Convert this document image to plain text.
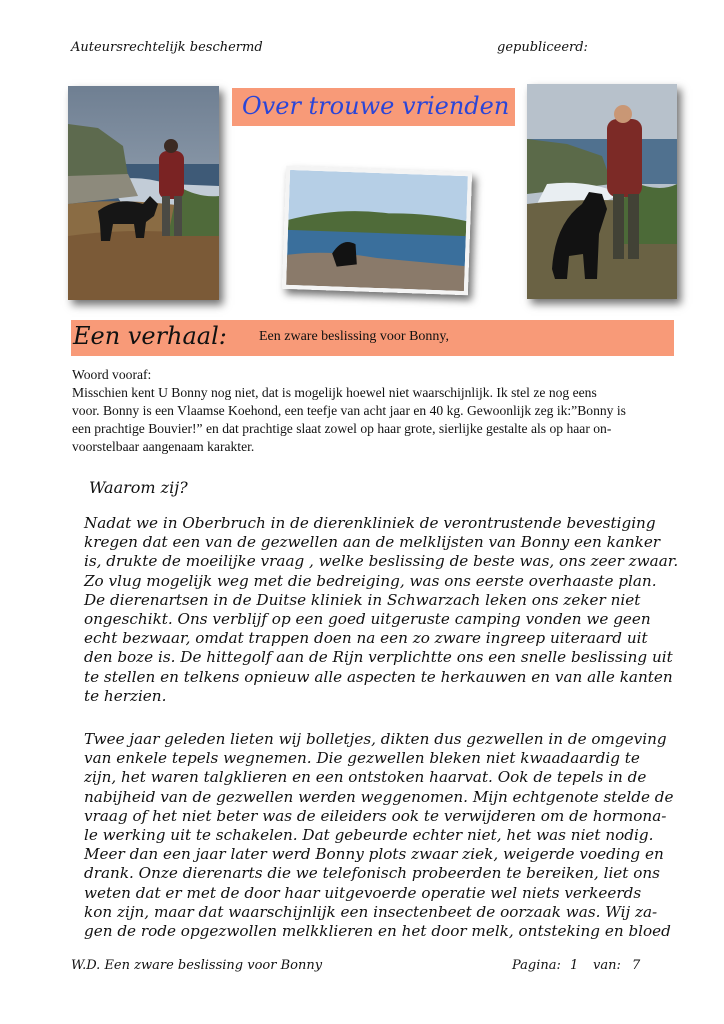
Auteursrechtelijk beschermd	gepubliceerd:
Over trouwe vrienden
Een verhaal: Een zware beslissing voor Bonny,
Woord vooraf:
Misschien kent U Bonny nog niet, dat is mogelijk hoewel niet waarschijnlijk. Ik stel ze nog eens
voor. Bonny is een Vlaamse Koehond, een teefje van acht jaar en 40 kg. Gewoonlijk zeg ik:”Bonny is
een prachtige Bouvier!” en dat prachtige slaat zowel op haar grote, sierlijke gestalte als op haar on-
voorstelbaar aangenaam karakter.
Waarom zij?
Nadat we in Oberbruch in de dierenkliniek de verontrustende bevestiging
kregen dat een van de gezwellen aan de melklijsten van Bonny een kanker
is, drukte de moeilijke vraag , welke beslissing de beste was, ons zeer zwaar.
Zo vlug mogelijk weg met die bedreiging, was ons eerste overhaaste plan.
De dierenartsen in de Duitse kliniek in Schwarzach leken ons zeker niet
ongeschikt. Ons verblijf op een goed uitgeruste camping vonden we geen
echt bezwaar, omdat trappen doen na een zo zware ingreep uiteraard uit
den boze is. De hittegolf aan de Rijn verplichtte ons een snelle beslissing uit
te stellen en telkens opnieuw alle aspecten te herkauwen en van alle kanten
te herzien.
Twee jaar geleden lieten wij bolletjes, dikten dus gezwellen in de omgeving
van enkele tepels wegnemen. Die gezwellen bleken niet kwaadaardig te
zijn, het waren talgklieren en een ontstoken haarvat. Ook de tepels in de
nabijheid van de gezwellen werden weggenomen. Mijn echtgenote stelde de
vraag of het niet beter was de eileiders ook te verwijderen om de hormona-
le werking uit te schakelen. Dat gebeurde echter niet, het was niet nodig.
Meer dan een jaar later werd Bonny plots zwaar ziek, weigerde voeding en
drank. Onze dierenarts die we telefonisch probeerden te bereiken, liet ons
weten dat er met de door haar uitgevoerde operatie wel niets verkeerds
kon zijn, maar dat waarschijnlijk een insectenbeet de oorzaak was. Wij za-
gen de rode opgezwollen melkklieren en het door melk, ontsteking en bloed
W.D. Een zware beslissing voor Bonny	Pagina: 1 van: 7
